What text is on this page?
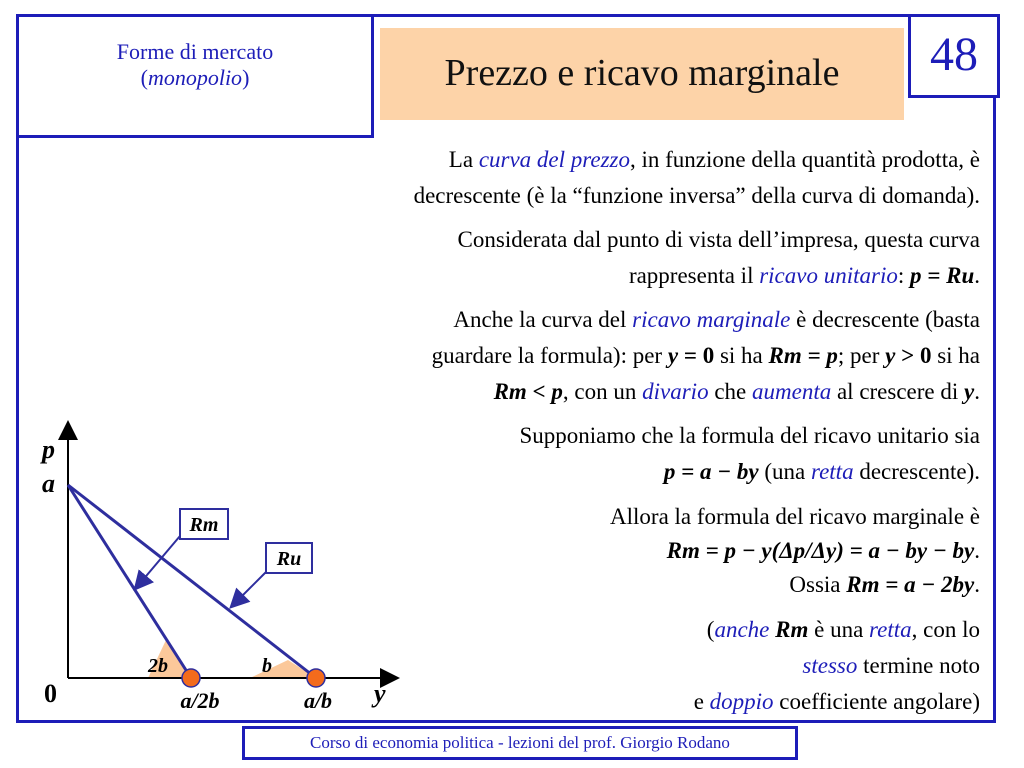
Forme di mercato
(monopolio)	Prezzo e ricavo marginale	48
La curva del prezzo, in funzione della quantità prodotta, è
decrescente (è la “funzione inversa” della curva di domanda).
Considerata dal punto di vista dell’impresa, questa curva
rappresenta il ricavo unitario: p = Ru.
Anche la curva del ricavo marginale è decrescente (basta
guardare la formula): per y = 0 si ha Rm = p; per y > 0 si ha
Rm < p, con un divario che aumenta al crescere di y.
Supponiamo che la formula del ricavo unitario sia
p = a − by (una retta decrescente).
Allora la formula del ricavo marginale è
Rm = p − y(Δp/Δy) = a − by − by.
Ossia Rm = a − 2by.
(anche Rm è una retta, con lo
stesso termine noto
e doppio coefficiente angolare)
Rm
Ru
p
a
0	y
2b	b
a/2b	a/b
Corso di economia politica - lezioni del prof. Giorgio Rodano
